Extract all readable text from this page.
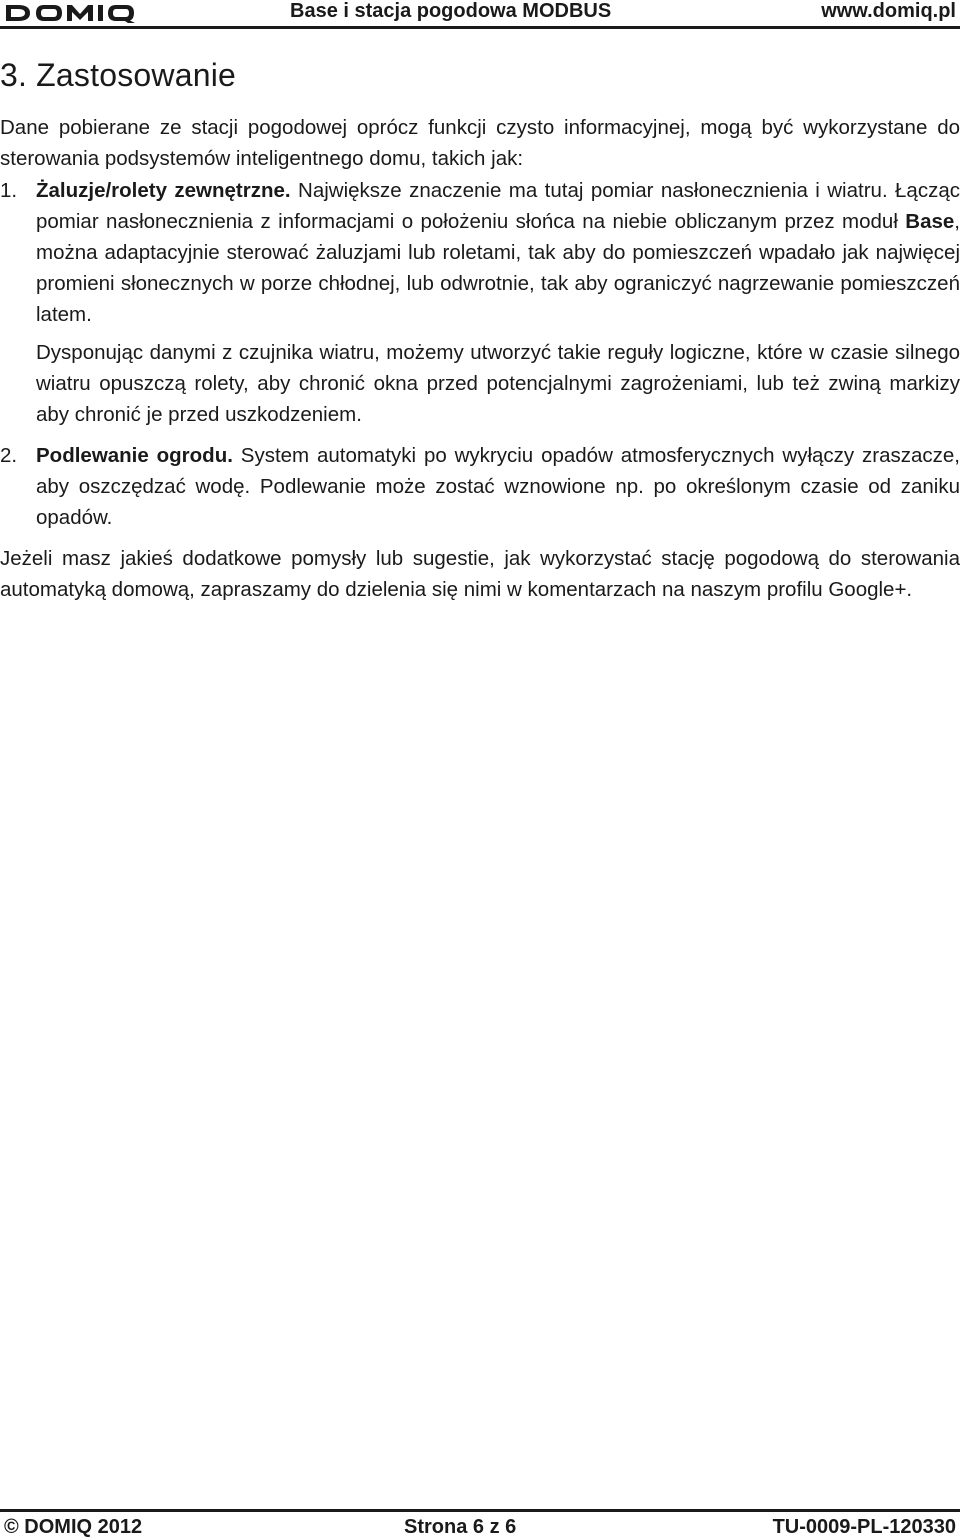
Base i stacja pogodowa MODBUS	www.domiq.pl
3. Zastosowanie

Dane pobierane ze stacji pogodowej oprócz funkcji czysto informacyjnej, mogą być wykorzystane do sterowania podsystemów inteligentnego domu, takich jak:

1. Żaluzje/rolety zewnętrzne. Największe znaczenie ma tutaj pomiar nasłonecznienia i wiatru. Łącząc pomiar nasłonecznienia z informacjami o położeniu słońca na niebie obliczanym przez moduł Base, można adaptacyjnie sterować żaluzjami lub roletami, tak aby do pomieszczeń wpadało jak najwięcej promieni słonecznych w porze chłodnej, lub odwrotnie, tak aby ograniczyć nagrzewanie pomieszczeń latem.
Dysponując danymi z czujnika wiatru, możemy utworzyć takie reguły logiczne, które w czasie silnego wiatru opuszczą rolety, aby chronić okna przed potencjalnymi zagrożeniami, lub też zwiną markizy aby chronić je przed uszkodzeniem.
2. Podlewanie ogrodu. System automatyki po wykryciu opadów atmosferycznych wyłączy zraszacze, aby oszczędzać wodę. Podlewanie może zostać wznowione np. po określonym czasie od zaniku opadów.

Jeżeli masz jakieś dodatkowe pomysły lub sugestie, jak wykorzystać stację pogodową do sterowania automatyką domową, zapraszamy do dzielenia się nimi w komentarzach na naszym profilu Google+.

© DOMIQ 2012	Strona 6 z 6	TU-0009-PL-120330
